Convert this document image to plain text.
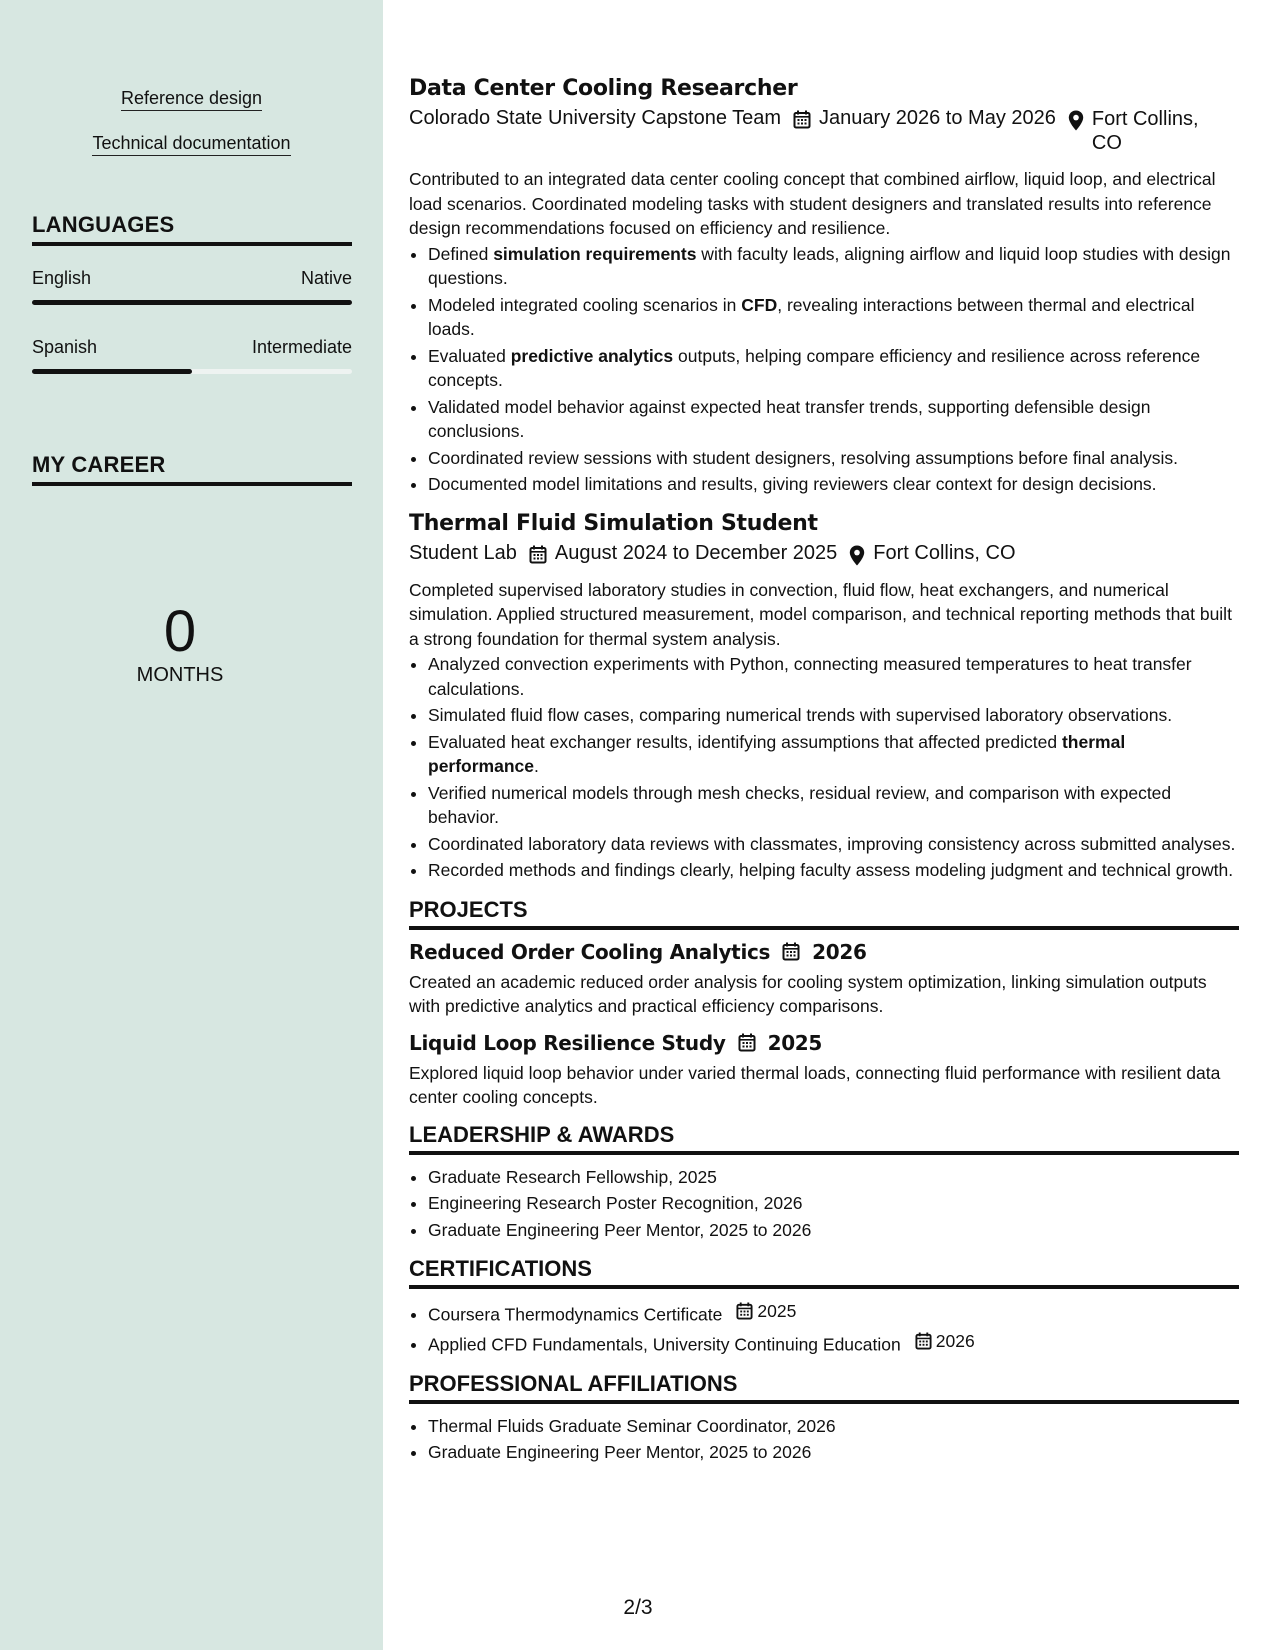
Reference design
Technical documentation
LANGUAGES
English	Native
Spanish	Intermediate
MY CAREER
0
MONTHS
Data Center Cooling Researcher
Colorado State University Capstone Team January 2026 to May 2026 Fort Collins, CO

Contributed to an integrated data center cooling concept that combined airflow, liquid loop, and electrical load scenarios. Coordinated modeling tasks with student designers and translated results into reference design recommendations focused on efficiency and resilience.

• Defined simulation requirements with faculty leads, aligning airflow and liquid loop studies with design questions.
• Modeled integrated cooling scenarios in CFD, revealing interactions between thermal and electrical loads.
• Evaluated predictive analytics outputs, helping compare efficiency and resilience across reference concepts.
• Validated model behavior against expected heat transfer trends, supporting defensible design conclusions.
• Coordinated review sessions with student designers, resolving assumptions before final analysis.
• Documented model limitations and results, giving reviewers clear context for design decisions.
Thermal Fluid Simulation Student
Student Lab August 2024 to December 2025 Fort Collins, CO

Completed supervised laboratory studies in convection, fluid flow, heat exchangers, and numerical simulation. Applied structured measurement, model comparison, and technical reporting methods that built a strong foundation for thermal system analysis.

• Analyzed convection experiments with Python, connecting measured temperatures to heat transfer calculations.
• Simulated fluid flow cases, comparing numerical trends with supervised laboratory observations.
• Evaluated heat exchanger results, identifying assumptions that affected predicted thermal performance.
• Verified numerical models through mesh checks, residual review, and comparison with expected behavior.
• Coordinated laboratory data reviews with classmates, improving consistency across submitted analyses.
• Recorded methods and findings clearly, helping faculty assess modeling judgment and technical growth.
PROJECTS
Reduced Order Cooling Analytics 2026

Created an academic reduced order analysis for cooling system optimization, linking simulation outputs with predictive analytics and practical efficiency comparisons.

Liquid Loop Resilience Study 2025

Explored liquid loop behavior under varied thermal loads, connecting fluid performance with resilient data center cooling concepts.

LEADERSHIP & AWARDS
• Graduate Research Fellowship, 2025
• Engineering Research Poster Recognition, 2026
• Graduate Engineering Peer Mentor, 2025 to 2026
CERTIFICATIONS
• Coursera Thermodynamics Certificate 2025
• Applied CFD Fundamentals, University Continuing Education 2026
PROFESSIONAL AFFILIATIONS
• Thermal Fluids Graduate Seminar Coordinator, 2026
• Graduate Engineering Peer Mentor, 2025 to 2026
2/3
